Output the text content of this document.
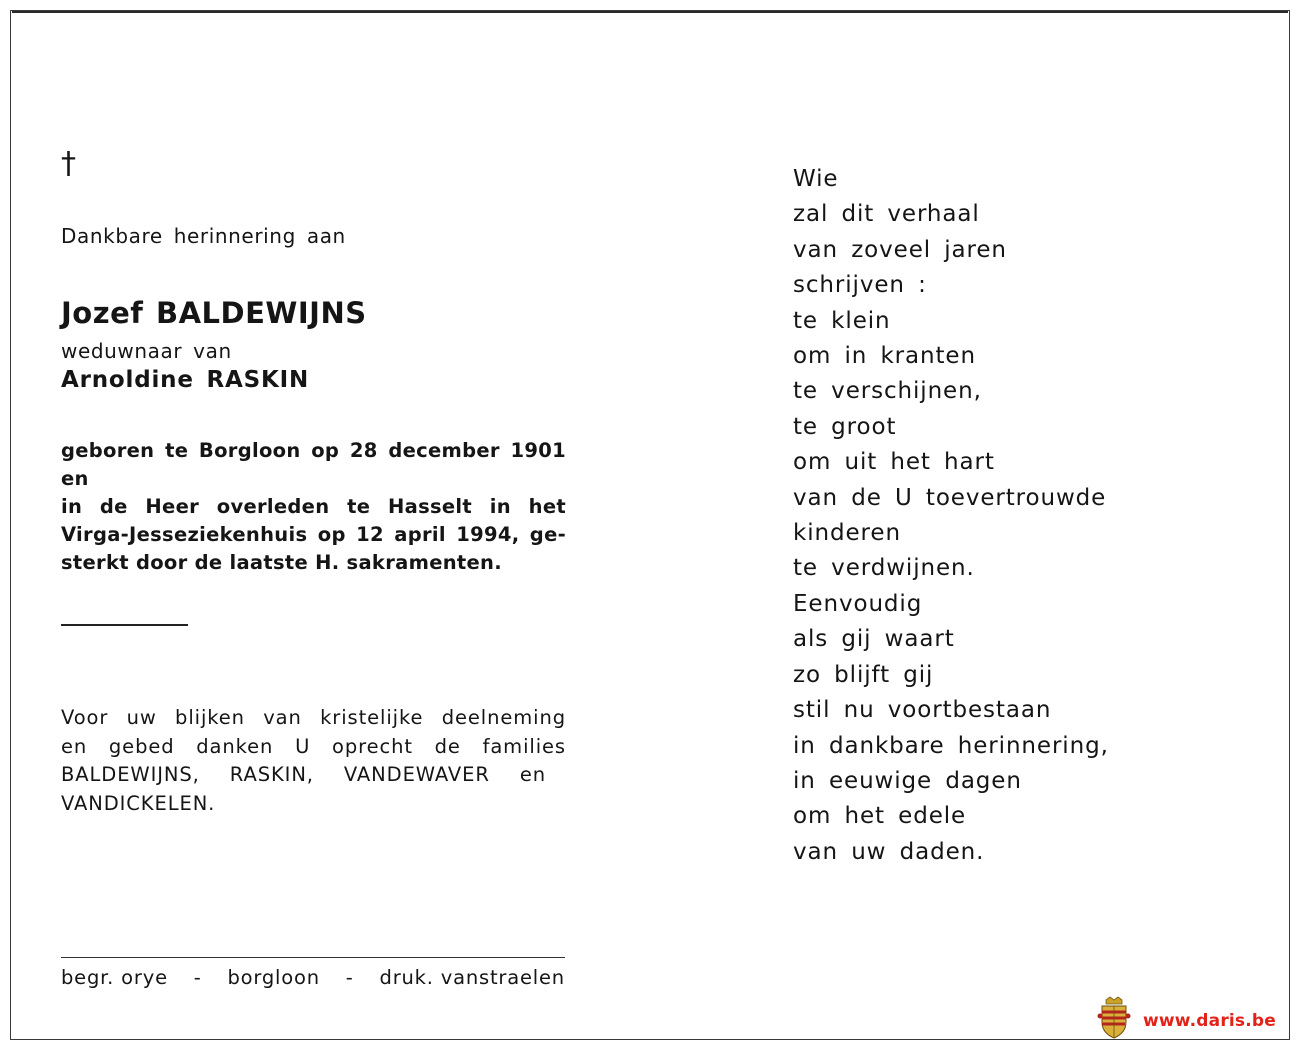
†
Dankbare herinnering aan
Jozef BALDEWIJNS
weduwnaar van
Arnoldine RASKIN
geboren te Borgloon op 28 december 1901 en
in de Heer overleden te Hasselt in het
Virga-Jesseziekenhuis op 12 april 1994, ge-
sterkt door de laatste H. sakramenten.
Voor uw blijken van kristelijke deelneming
en gebed danken U oprecht de families
BALDEWIJNS, RASKIN, VANDEWAVER en
VANDICKELEN.
begr. orye - borgloon - druk. vanstraelen
Wie
zal dit verhaal
van zoveel jaren
schrijven :
te klein
om in kranten
te verschijnen,
te groot
om uit het hart
van de U toevertrouwde
kinderen
te verdwijnen.
Eenvoudig
als gij waart
zo blijft gij
stil nu voortbestaan
in dankbare herinnering,
in eeuwige dagen
om het edele
van uw daden.
www.daris.be
